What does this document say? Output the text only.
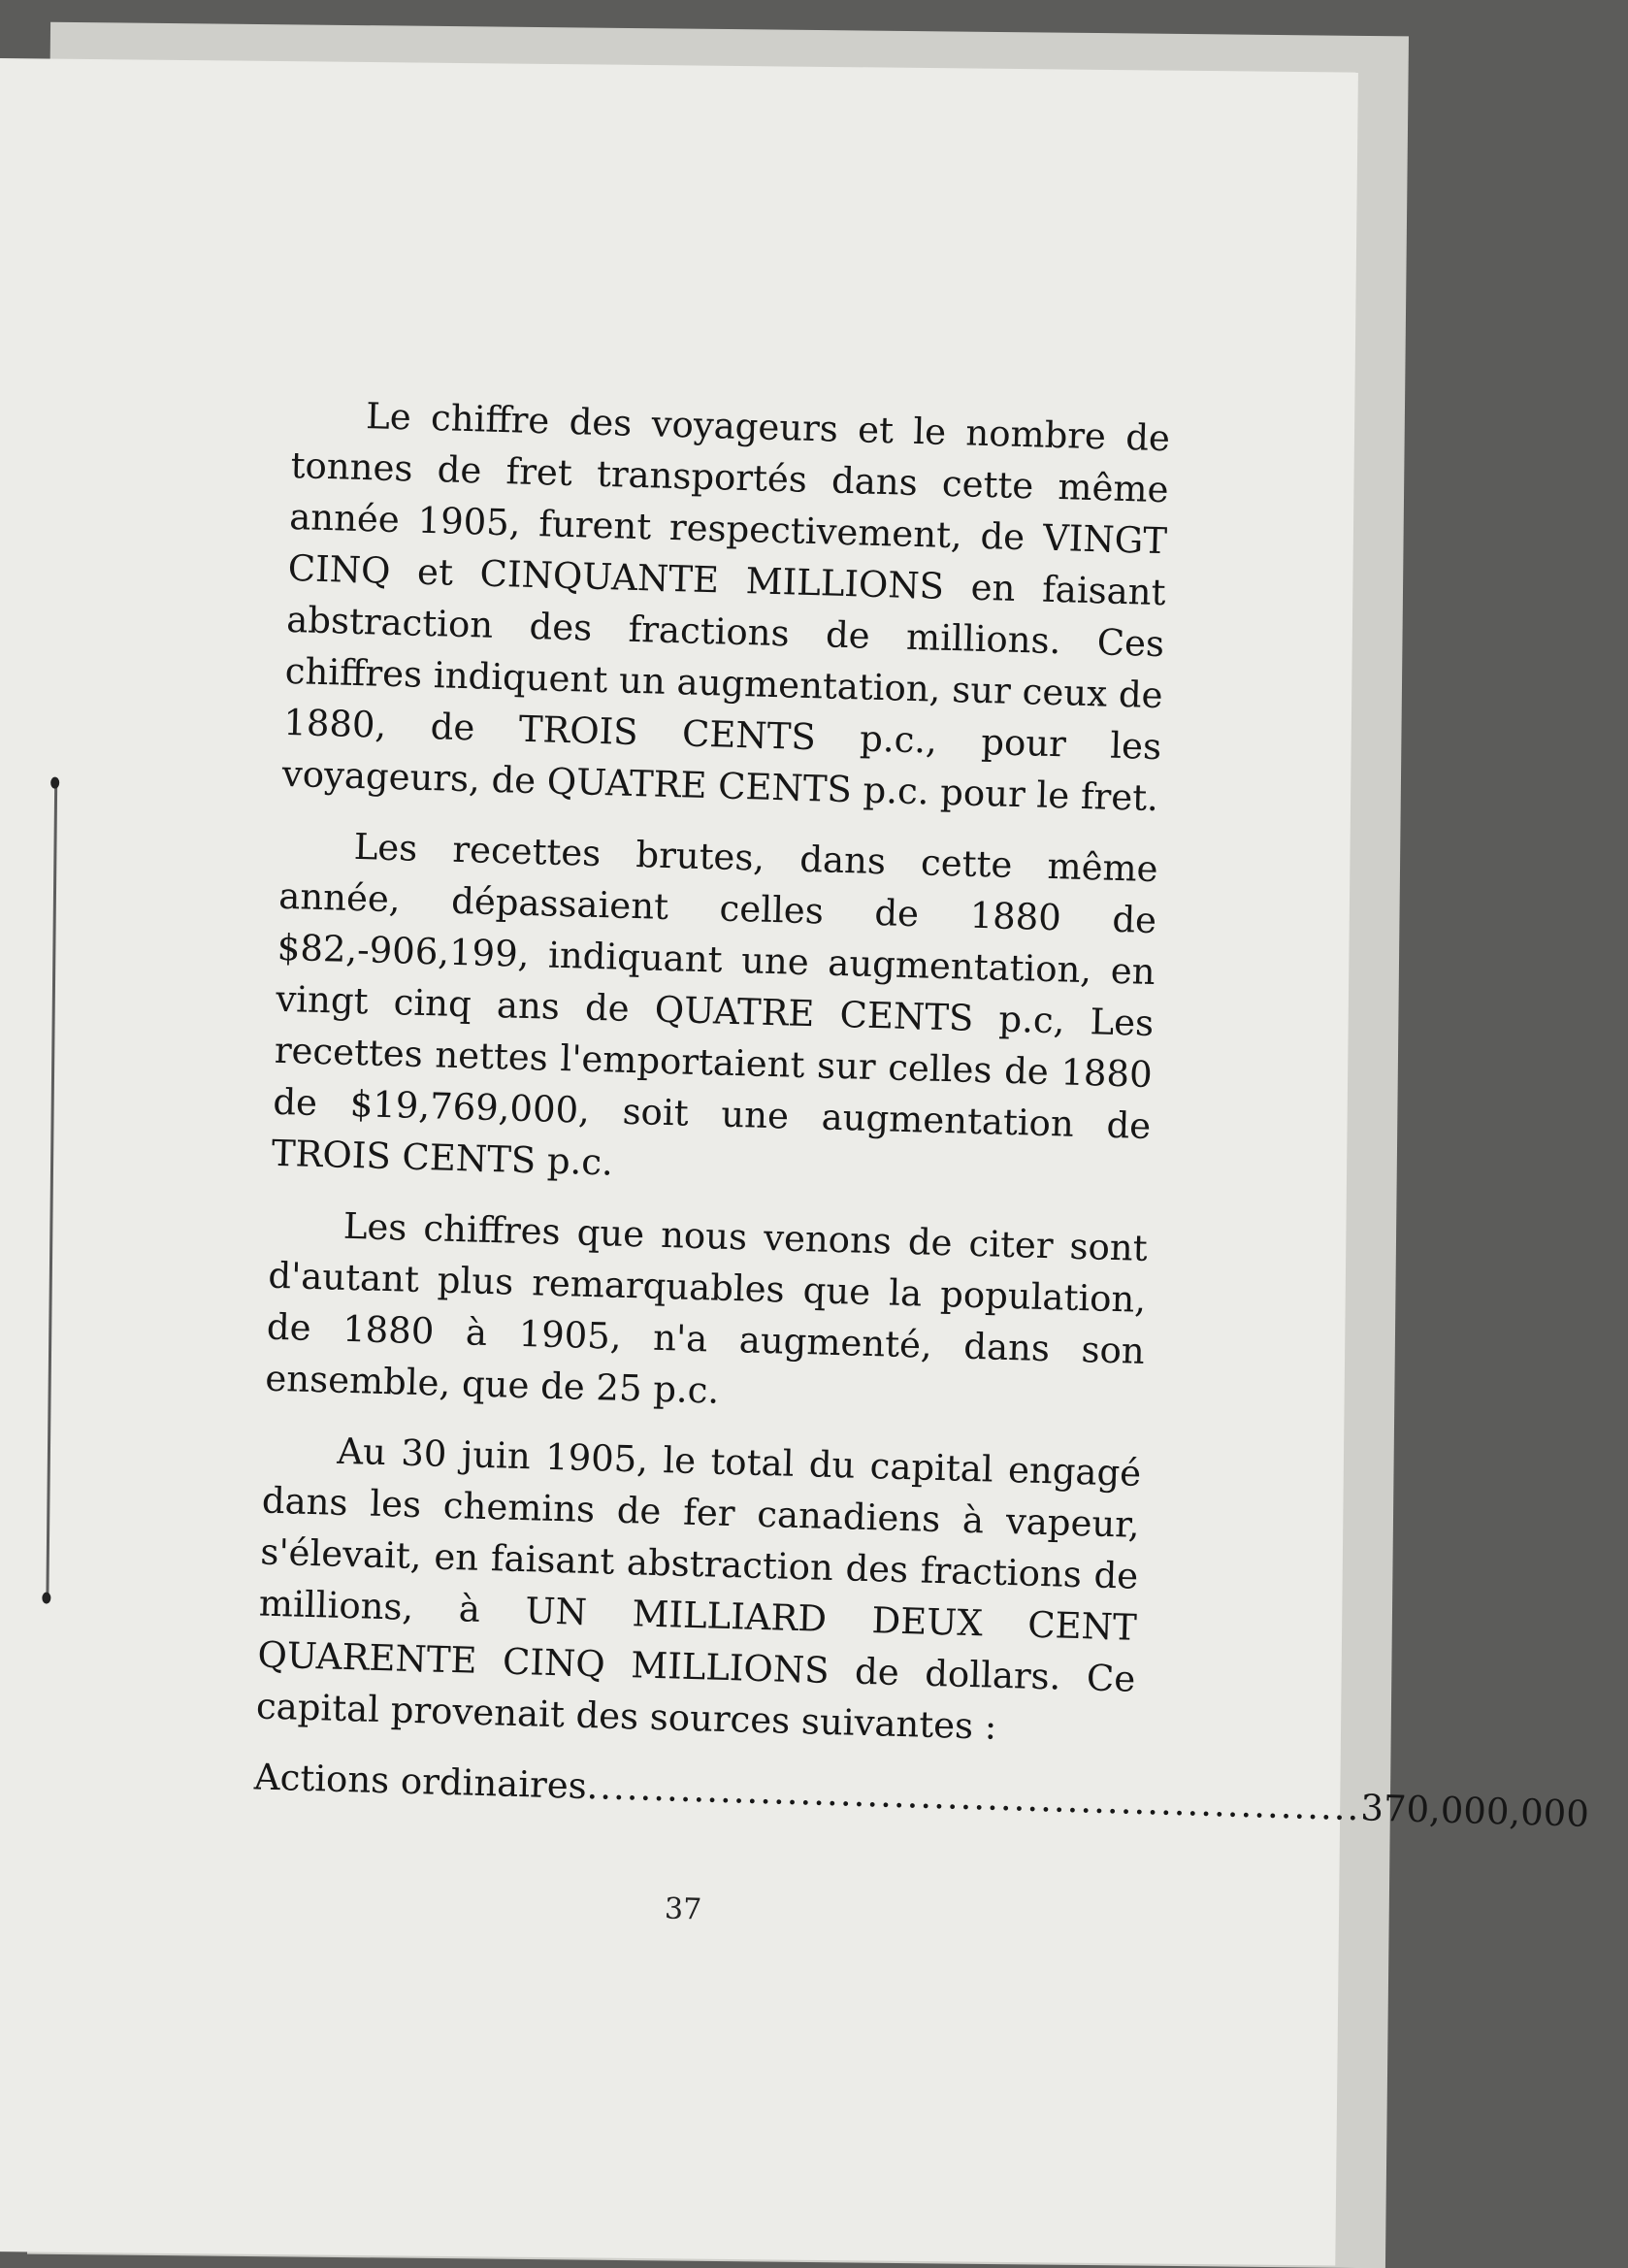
Le chiffre des voyageurs et le nombre de tonnes de fret transportés dans cette même année 1905, furent respectivement, de VINGT CINQ et CINQUANTE MILLIONS en faisant abstraction des fractions de millions. Ces chiffres indiquent un augmentation, sur ceux de 1880, de TROIS CENTS p.c., pour les voyageurs, de QUATRE CENTS p.c. pour le fret.

Les recettes brutes, dans cette même année, dépassaient celles de 1880 de $82,-906,199, indiquant une augmentation, en vingt cinq ans de QUATRE CENTS p.c, Les recettes nettes l'emportaient sur celles de 1880 de $19,769,000, soit une augmentation de TROIS CENTS p.c.

Les chiffres que nous venons de citer sont d'autant plus remarquables que la population, de 1880 à 1905, n'a augmenté, dans son ensemble, que de 25 p.c.

Au 30 juin 1905, le total du capital engagé dans les chemins de fer canadiens à vapeur, s'élevait, en faisant abstraction des fractions de millions, à UN MILLIARD DEUX CENT QUARENTE CINQ MILLIONS de dollars. Ce capital provenait des sources suivantes :

Actions ordinaires
..........................................................
370,000,000
37
